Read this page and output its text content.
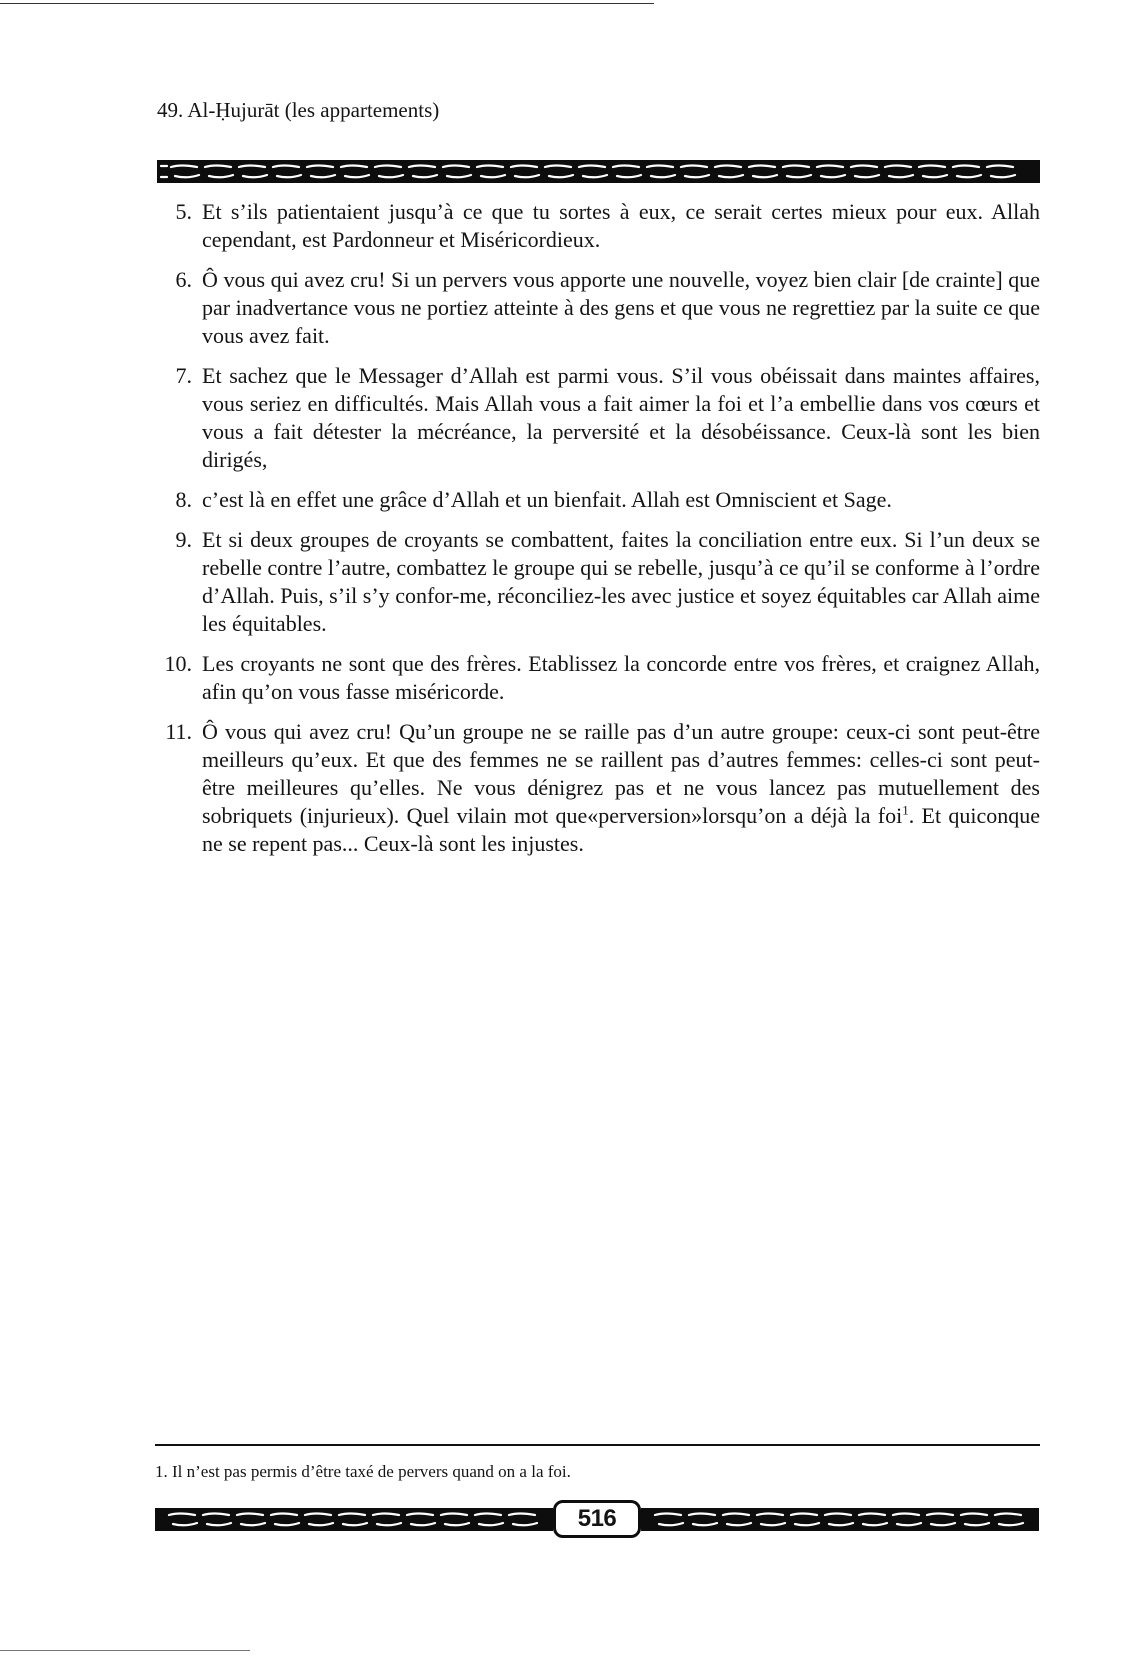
49. Al-Ḥujurāt (les appartements)
5. Et s’ils patientaient jusqu’à ce que tu sortes à eux, ce serait certes mieux pour eux. Allah cependant, est Pardonneur et Miséricordieux.
6. Ô vous qui avez cru! Si un pervers vous apporte une nouvelle, voyez bien clair [de crainte] que par inadvertance vous ne portiez atteinte à des gens et que vous ne regrettiez par la suite ce que vous avez fait.
7. Et sachez que le Messager d’Allah est parmi vous. S’il vous obéissait dans maintes affaires, vous seriez en difficultés. Mais Allah vous a fait aimer la foi et l’a embellie dans vos cœurs et vous a fait détester la mécréance, la perversité et la désobéissance. Ceux-là sont les bien dirigés,
8. c’est là en effet une grâce d’Allah et un bienfait. Allah est Omniscient et Sage.
9. Et si deux groupes de croyants se combattent, faites la conciliation entre eux. Si l’un deux se rebelle contre l’autre, combattez le groupe qui se rebelle, jusqu’à ce qu’il se conforme à l’ordre d’Allah. Puis, s’il s’y confor-me, réconciliez-les avec justice et soyez équitables car Allah aime les équitables.
10. Les croyants ne sont que des frères. Etablissez la concorde entre vos frères, et craignez Allah, afin qu’on vous fasse miséricorde.
11. Ô vous qui avez cru! Qu’un groupe ne se raille pas d’un autre groupe: ceux-ci sont peut-être meilleurs qu’eux. Et que des femmes ne se raillent pas d’autres femmes: celles-ci sont peut-être meilleures qu’elles. Ne vous dénigrez pas et ne vous lancez pas mutuellement des sobriquets (injurieux). Quel vilain mot que«perversion»lorsqu’on a déjà la foi$^1$. Et quiconque ne se repent pas... Ceux-là sont les injustes.
1. Il n’est pas permis d’être taxé de pervers quand on a la foi.
516
